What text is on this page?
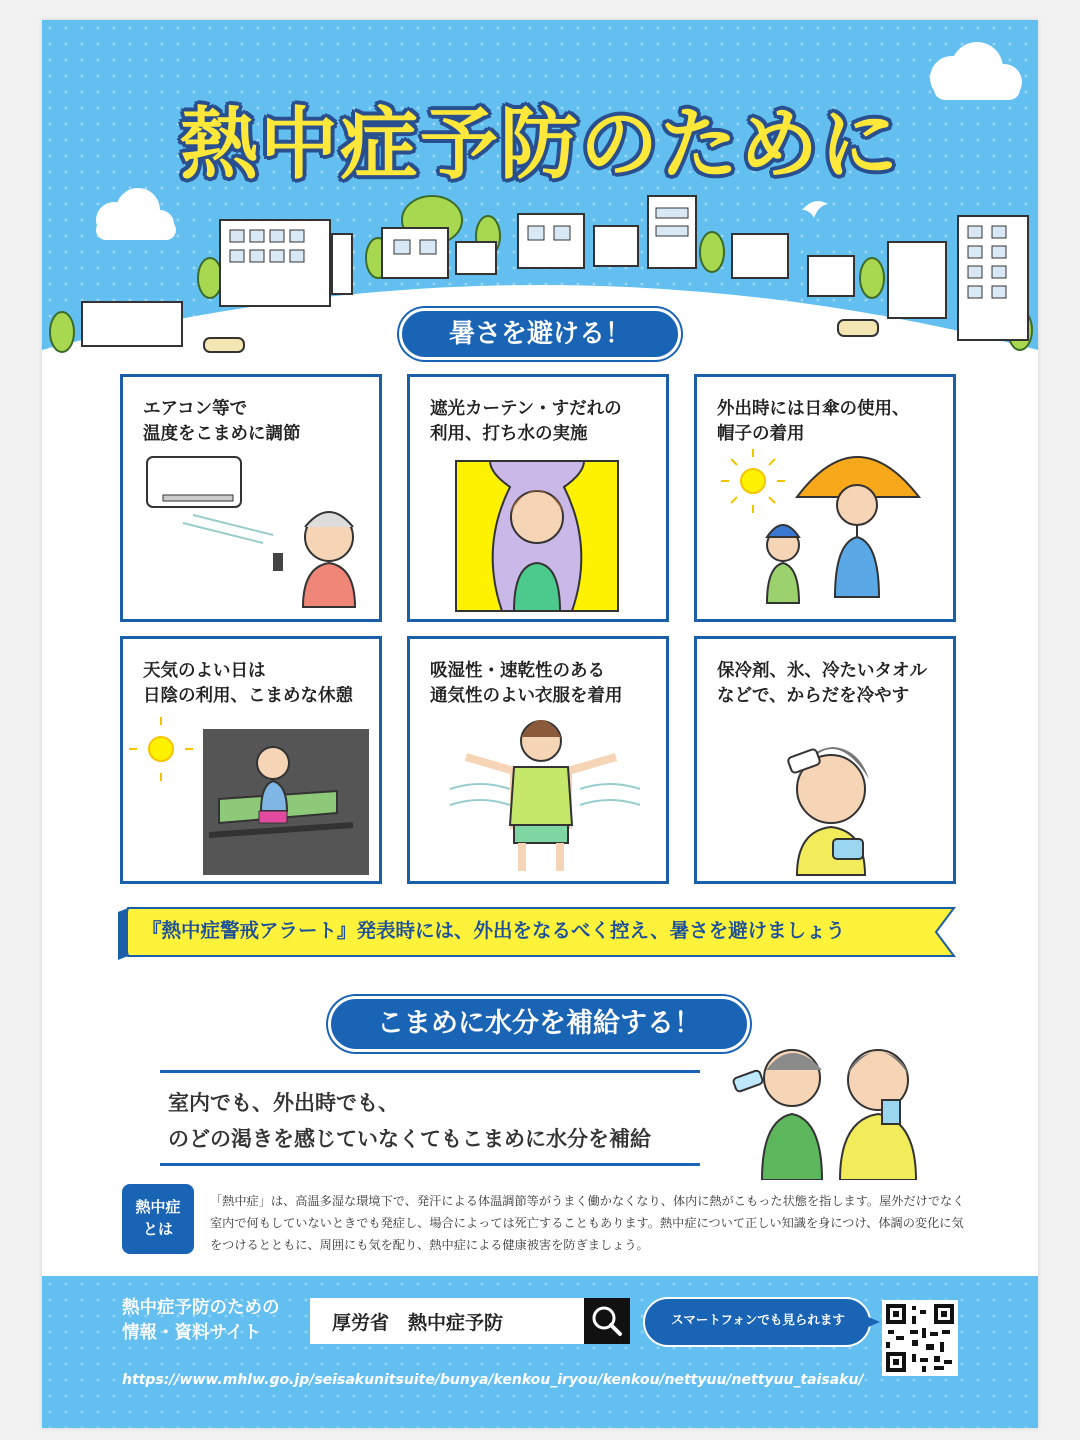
熱中症予防のために
暑さを避ける！
エアコン等で
温度をこまめに調節
遮光カーテン・すだれの
利用、打ち水の実施
外出時には日傘の使用、
帽子の着用
天気のよい日は
日陰の利用、こまめな休憩
吸湿性・速乾性のある
通気性のよい衣服を着用
保冷剤、氷、冷たいタオル
などで、からだを冷やす
『熱中症警戒アラート』発表時には、外出をなるべく控え、暑さを避けましょう
こまめに水分を補給する！
室内でも、外出時でも、
のどの渇きを感じていなくてもこまめに水分を補給
熱中症
とは
「熱中症」は、高温多湿な環境下で、発汗による体温調節等がうまく働かなくなり、体内に熱がこもった状態を指します。屋外だけでなく室内で何もしていないときでも発症し、場合によっては死亡することもあります。熱中症について正しい知識を身につけ、体調の変化に気をつけるとともに、周囲にも気を配り、熱中症による健康被害を防ぎましょう。
熱中症予防のための
情報・資料サイト	厚労省　熱中症予防	スマートフォンでも見られます
https://www.mhlw.go.jp/seisakunitsuite/bunya/kenkou_iryou/kenkou/nettyuu/nettyuu_taisaku/
